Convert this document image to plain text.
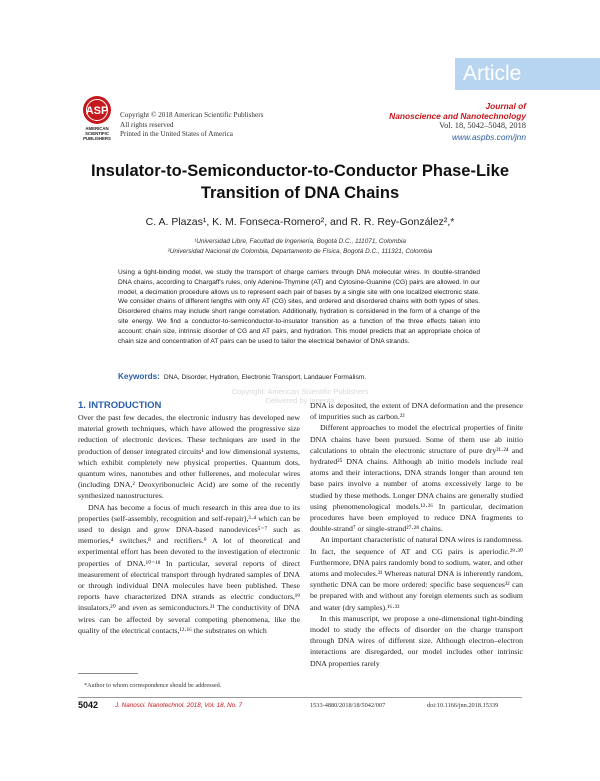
Article
ASP
AMERICAN
SCIENTIFIC
PUBLISHERS
Copyright © 2018 American Scientific Publishers
All rights reserved
Printed in the United States of America
Journal of
Nanoscience and Nanotechnology
Vol. 18, 5042–5048, 2018
www.aspbs.com/jnn
Insulator-to-Semiconductor-to-Conductor Phase-Like
Transition of DNA Chains
C. A. Plazas¹, K. M. Fonseca-Romero², and R. R. Rey-González²,*
¹Universidad Libre, Facultad de Ingeniería, Bogotá D.C., 111071, Colombia
²Universidad Nacional de Colombia, Departamento de Física, Bogotá D.C., 111321, Colombia
Using a tight-binding model, we study the transport of charge carriers through DNA molecular wires. In double-stranded DNA chains, according to Chargaff's rules, only Adenine-Thymine (AT) and Cytosine-Guanine (CG) pairs are allowed. In our model, a decimation procedure allows us to represent each pair of bases by a single site with one localized electronic state. We consider chains of different lengths with only AT (CG) sites, and ordered and disordered chains with both types of sites. Disordered chains may include short range correlation. Additionally, hydration is considered in the form of a change of the site energy. We find a conductor-to-semiconductor-to-insulator transition as a function of the three effects taken into account: chain size, intrinsic disorder of CG and AT pairs, and hydration. This model predicts that an appropriate choice of chain size and concentration of AT pairs can be used to tailor the electrical behavior of DNA strands.
Keywords: DNA, Disorder, Hydration, Electronic Transport, Landauer Formalism.
Copyright: American Scientific Publishers
Delivered by Ingenta
1. INTRODUCTION

Over the past few decades, the electronic industry has developed new material growth techniques, which have allowed the progressive size reduction of electronic devices. These techniques are used in the production of denser integrated circuits¹ and low dimensional systems, which exhibit completely new physical properties. Quantum dots, quantum wires, nanotubes and other fullerenes, and molecular wires (including DNA,² Deoxyribonucleic Acid) are some of the recently synthesized nanostructures.

DNA has become a focus of much research in this area due to its properties (self-assembly, recognition and self-repair),³·⁴ which can be used to design and grow DNA-based nanodevices⁵⁻⁷ such as memories,⁴ switches,⁸ and rectifiers.⁹ A lot of theoretical and experimental effort has been devoted to the investigation of electronic properties of DNA.¹⁰⁻¹⁸ In particular, several reports of direct measurement of electrical transport through hydrated samples of DNA or through individual DNA molecules have been published. These reports have characterized DNA strands as electric conductors,¹⁹ insulators,²⁰ and even as semiconductors.²¹ The conductivity of DNA wires can be affected by several competing phenomena, like the quality of the electrical contacts,¹²·¹⁶ the substrates on which

DNA is deposited, the extent of DNA deformation and the presence of impurities such as carbon.²²

Different approaches to model the electrical properties of finite DNA chains have been pursued. Some of them use ab initio calculations to obtain the electronic structure of pure dry²¹·²⁴ and hydrated²⁵ DNA chains. Although ab initio models include real atoms and their interactions, DNA strands longer than around ten base pairs involve a number of atoms excessively large to be studied by these methods. Longer DNA chains are generally studied using phenomenological models.¹²·²⁶ In particular, decimation procedures have been employed to reduce DNA fragments to double-strand⁷ or single-strand²⁷·²⁸ chains.

An important characteristic of natural DNA wires is randomness. In fact, the sequence of AT and CG pairs is aperiodic.²⁹·³⁰ Furthermore, DNA pairs randomly bond to sodium, water, and other atoms and molecules.³¹ Whereas natural DNA is inherently random, synthetic DNA can be more ordered: specific base sequences³² can be prepared with and without any foreign elements such as sodium and water (dry samples).¹⁶·³³

In this manuscript, we propose a one-dimensional tight-binding model to study the effects of disorder on the charge transport through DNA wires of different size. Although electron–electron interactions are disregarded, our model includes other intrinsic DNA properties rarely

*Author to whom correspondence should be addressed.
5042	J. Nanosci. Nanotechnol. 2018, Vol. 18, No. 7	1533-4880/2018/18/5042/007	doi:10.1166/jnn.2018.15339
